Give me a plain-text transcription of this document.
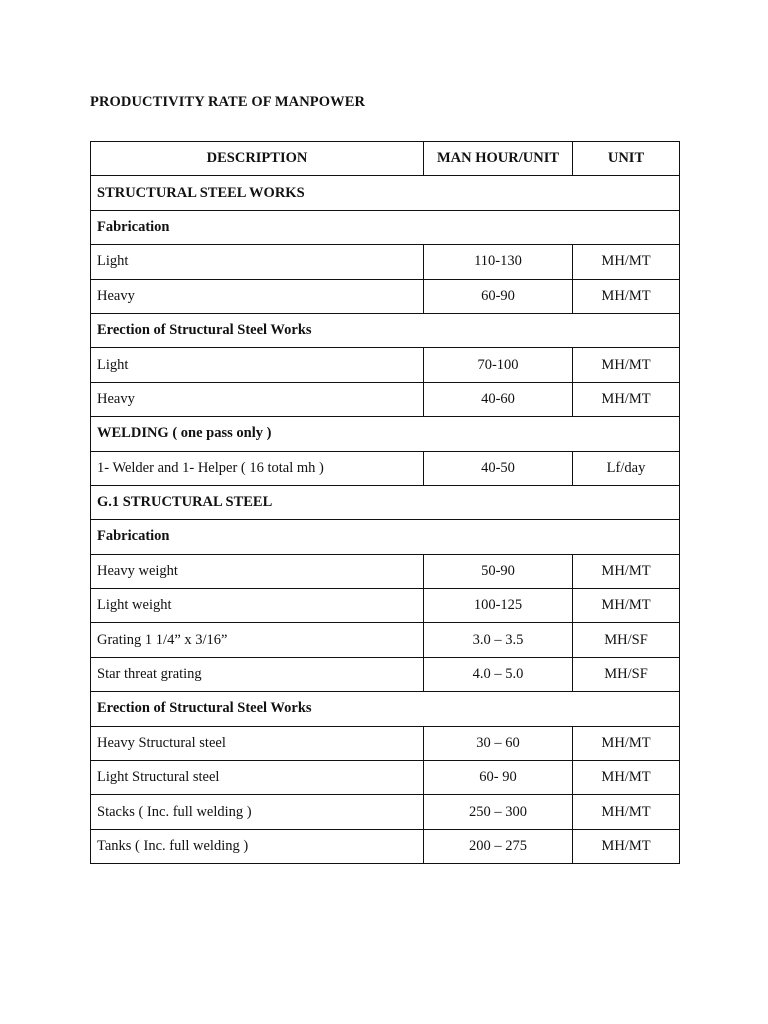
PRODUCTIVITY RATE OF MANPOWER
DESCRIPTION	MAN HOUR/UNIT	UNIT
STRUCTURAL STEEL WORKS		
Fabrication		
Light	110-130	MH/MT
Heavy	60-90	MH/MT
Erection of Structural Steel Works		
Light	70-100	MH/MT
Heavy	40-60	MH/MT
WELDING ( one pass only )		
1- Welder and 1- Helper ( 16 total mh )	40-50	Lf/day
G.1 STRUCTURAL STEEL		
Fabrication		
Heavy weight	50-90	MH/MT
Light weight	100-125	MH/MT
Grating 1 1/4” x 3/16”	3.0 – 3.5	MH/SF
Star threat grating	4.0 – 5.0	MH/SF
Erection of Structural Steel Works		
Heavy Structural steel	30 – 60	MH/MT
Light Structural steel	60- 90	MH/MT
Stacks ( Inc. full welding )	250 – 300	MH/MT
Tanks ( Inc. full welding )	200 – 275	MH/MT
